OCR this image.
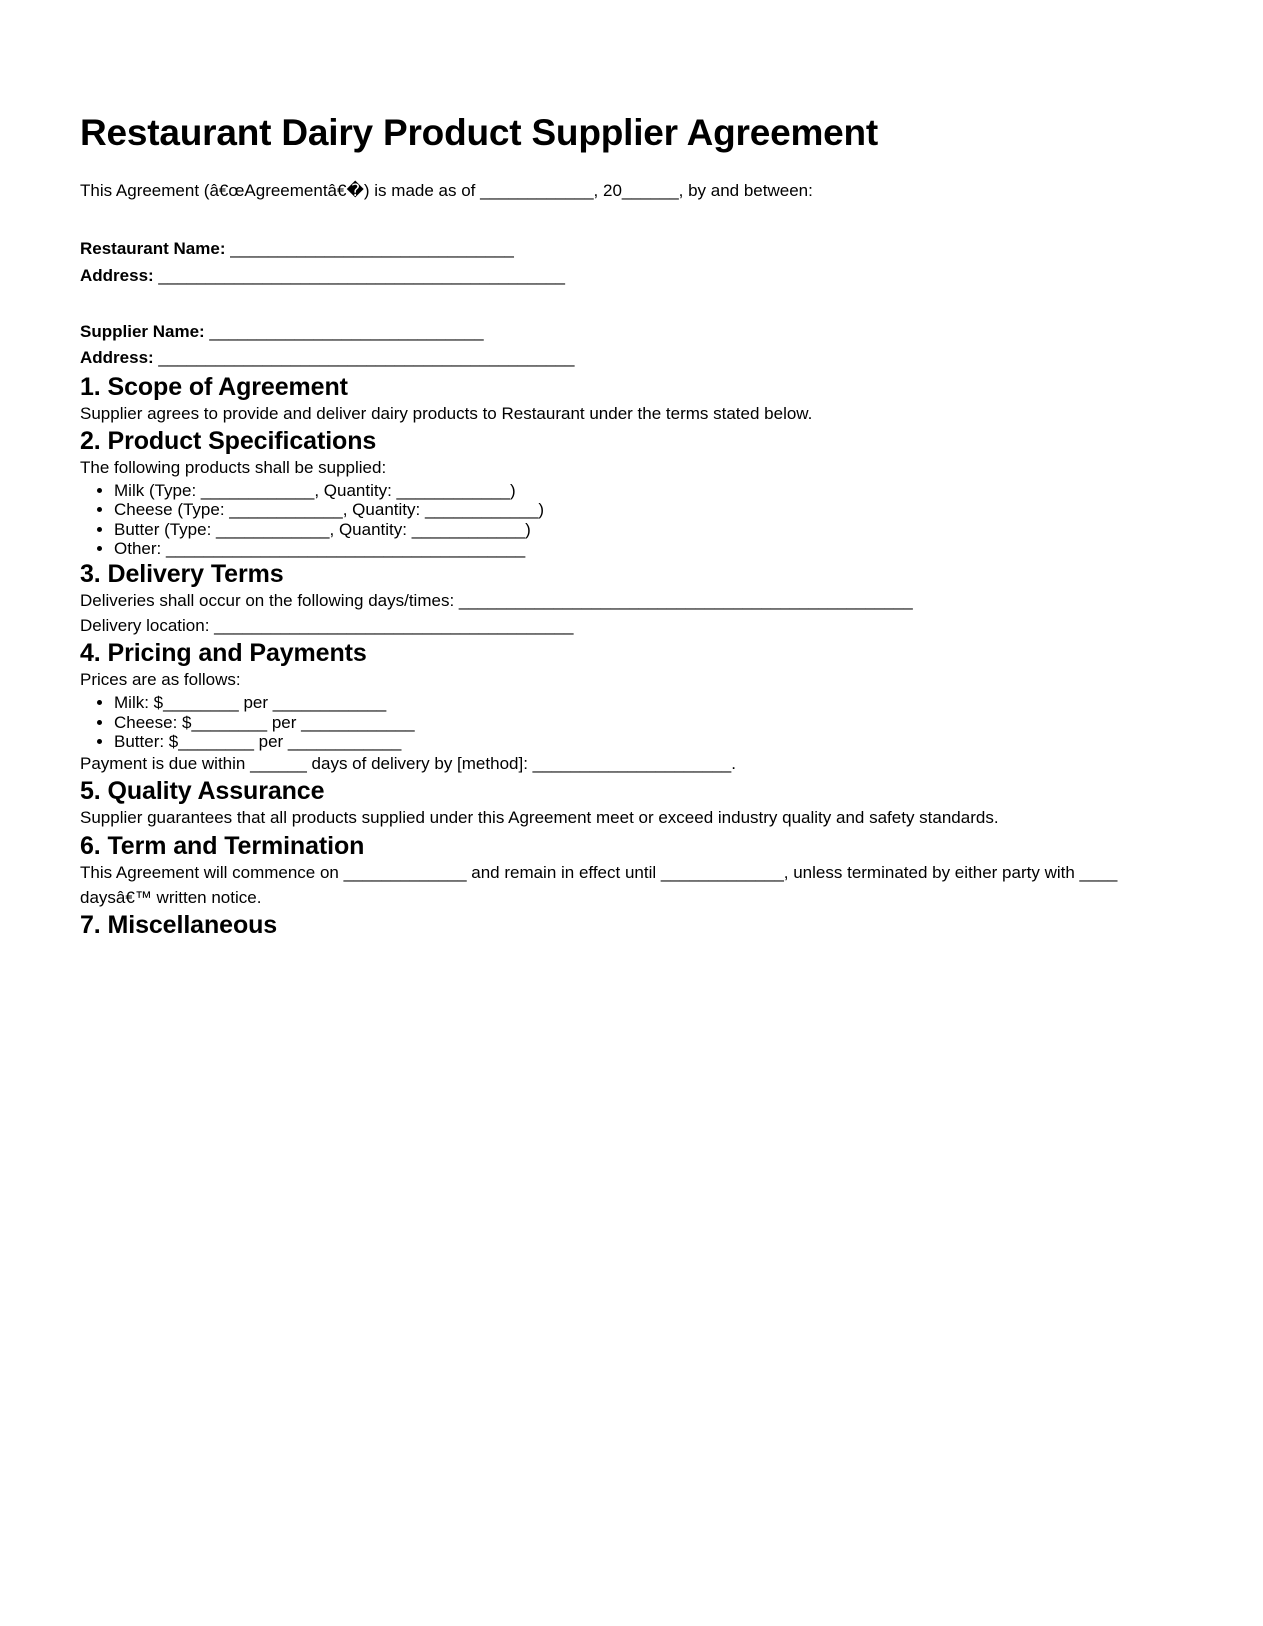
Restaurant Dairy Product Supplier Agreement

This Agreement (â€œAgreementâ€�) is made as of ____________, 20______, by and between:

Restaurant Name: ______________________________

Address: ___________________________________________

Supplier Name: _____________________________

Address: ____________________________________________

1. Scope of Agreement

Supplier agrees to provide and deliver dairy products to Restaurant under the terms stated below.

2. Product Specifications

The following products shall be supplied:

• Milk (Type: ____________, Quantity: ____________)
• Cheese (Type: ____________, Quantity: ____________)
• Butter (Type: ____________, Quantity: ____________)
• Other: ______________________________________
3. Delivery Terms

Deliveries shall occur on the following days/times: ________________________________________________

Delivery location: ______________________________________

4. Pricing and Payments

Prices are as follows:

• Milk: $________ per ____________
• Cheese: $________ per ____________
• Butter: $________ per ____________

Payment is due within ______ days of delivery by [method]: _____________________.

5. Quality Assurance

Supplier guarantees that all products supplied under this Agreement meet or exceed industry quality and safety standards.

6. Term and Termination

This Agreement will commence on _____________ and remain in effect until _____________, unless terminated by either party with ____ daysâ€™ written notice.

7. Miscellaneous
